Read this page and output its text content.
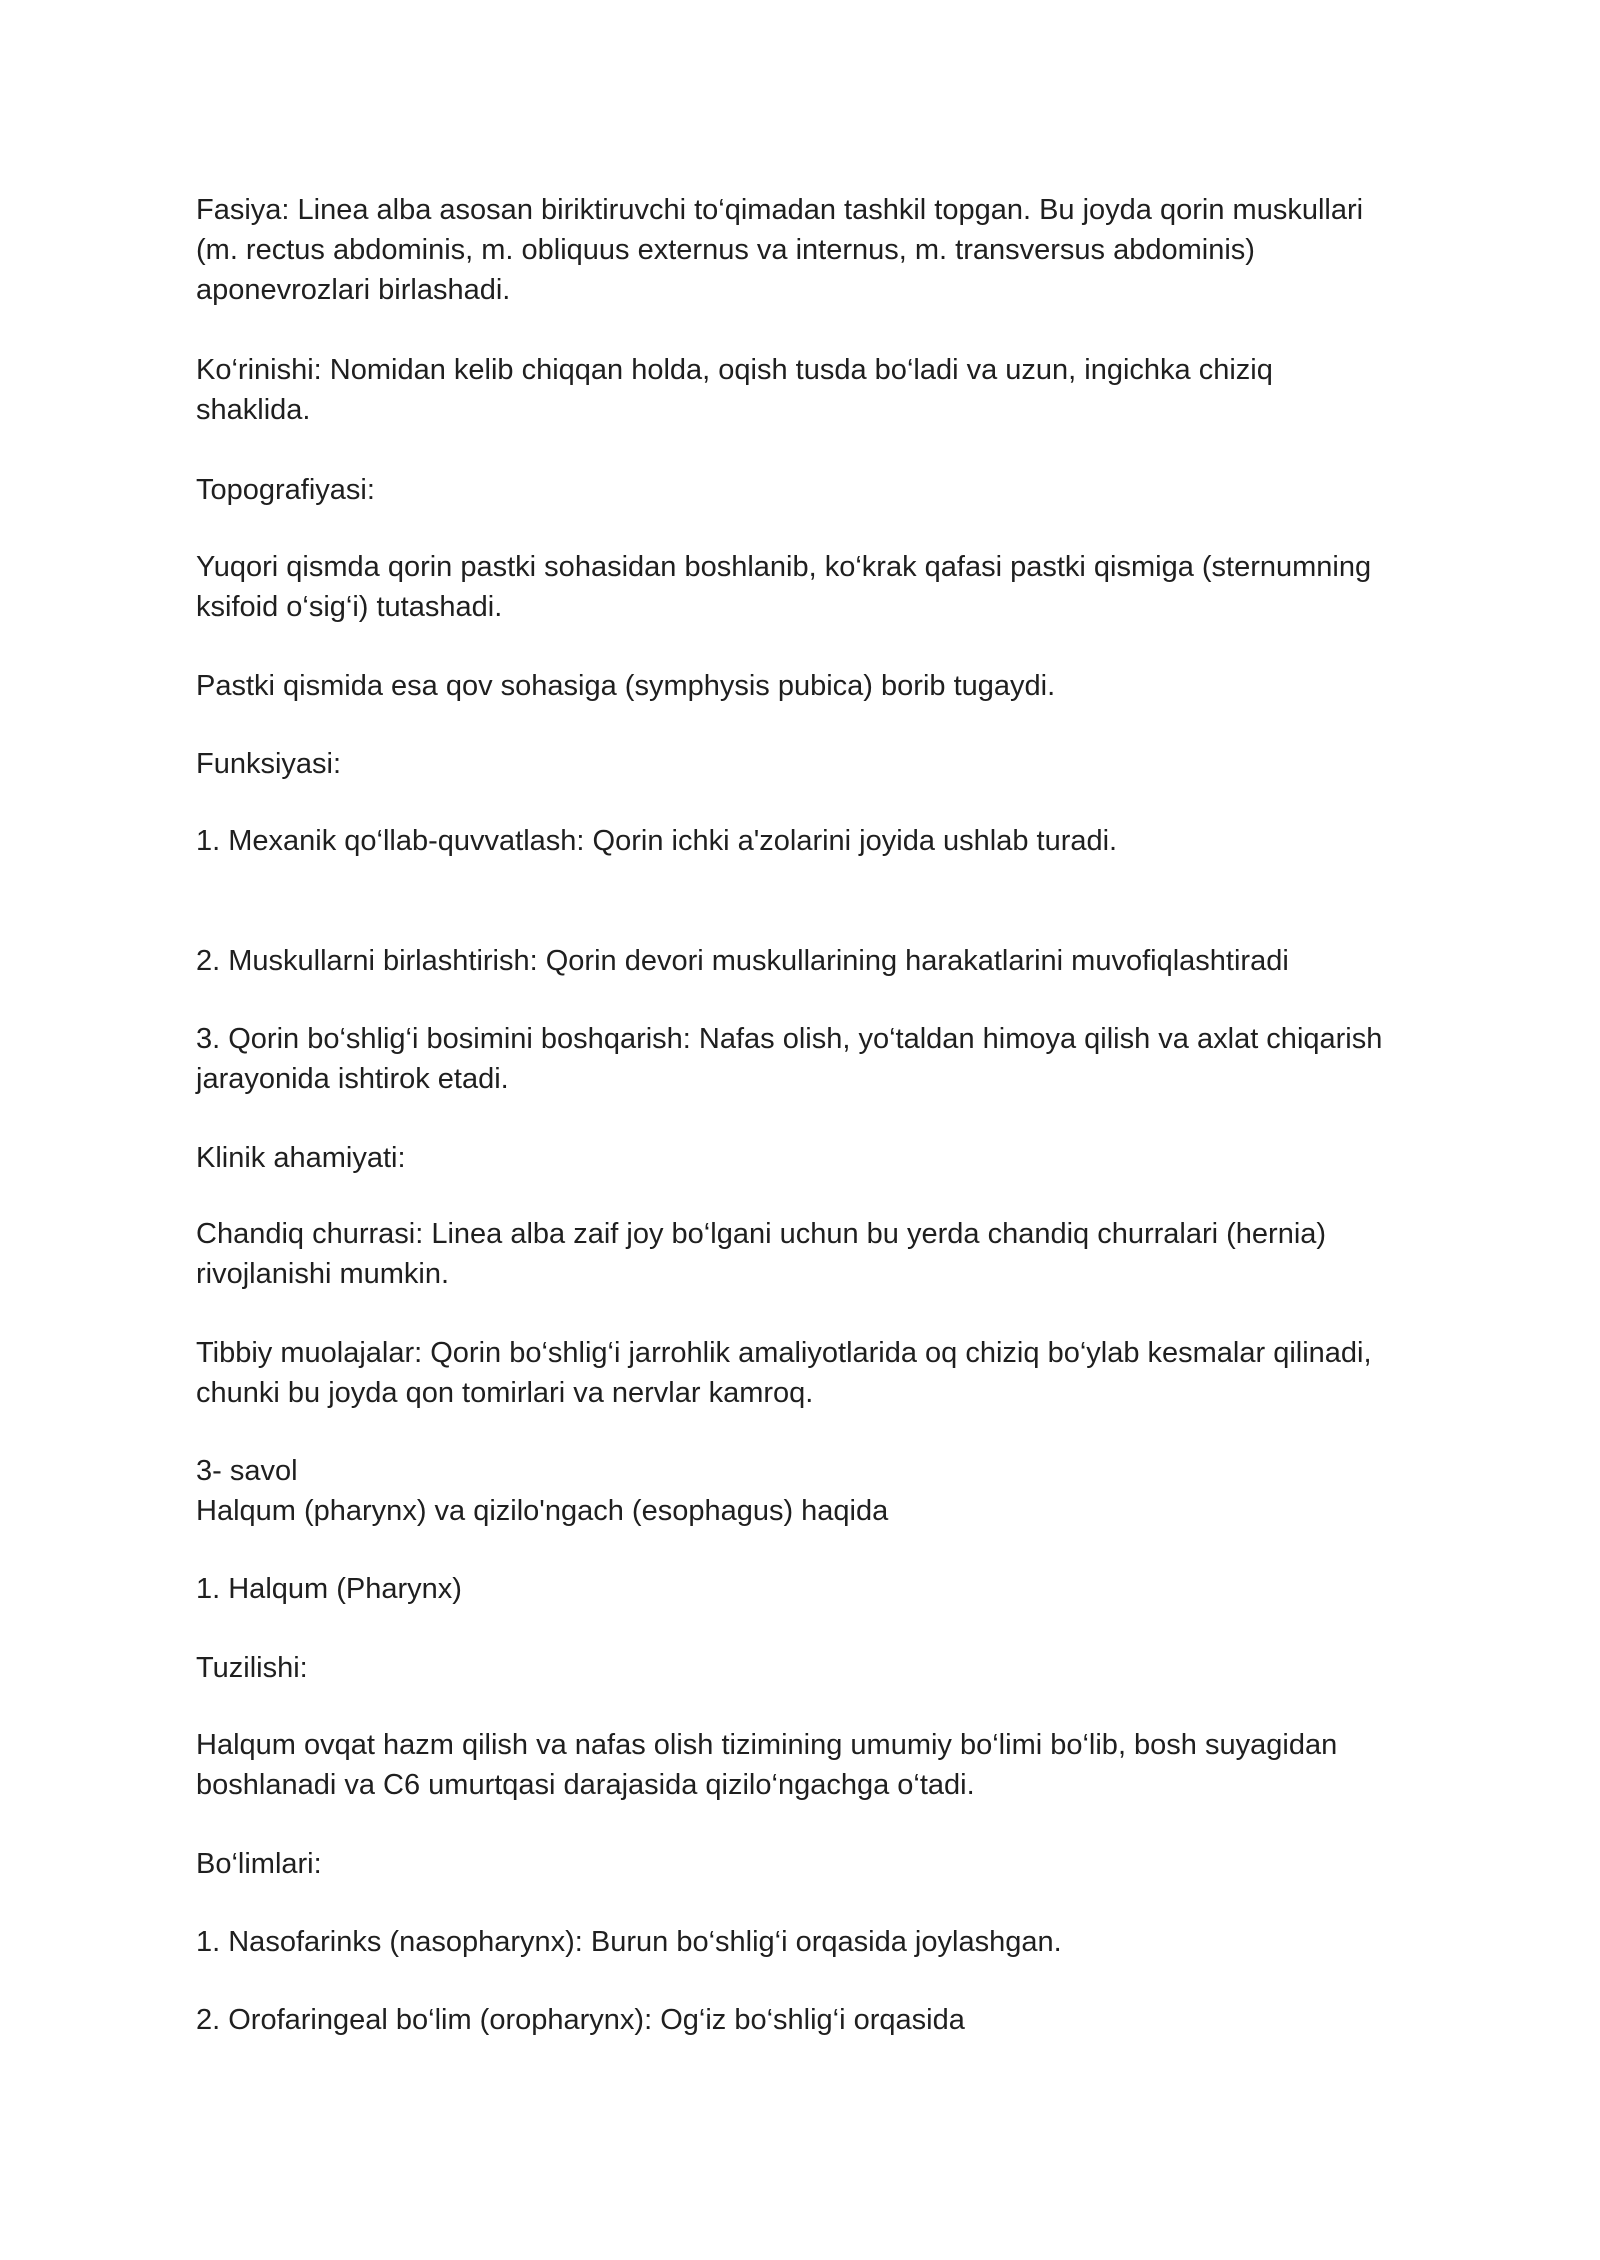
Fasiya: Linea alba asosan biriktiruvchi to‘qimadan tashkil topgan. Bu joyda qorin muskullari
(m. rectus abdominis, m. obliquus externus va internus, m. transversus abdominis)
aponevrozlari birlashadi.

Ko‘rinishi: Nomidan kelib chiqqan holda, oqish tusda bo‘ladi va uzun, ingichka chiziq
shaklida.

Topografiyasi:

Yuqori qismda qorin pastki sohasidan boshlanib, ko‘krak qafasi pastki qismiga (sternumning
ksifoid o‘sig‘i) tutashadi.

Pastki qismida esa qov sohasiga (symphysis pubica) borib tugaydi.

Funksiyasi:

1. Mexanik qo‘llab-quvvatlash: Qorin ichki a'zolarini joyida ushlab turadi.

2. Muskullarni birlashtirish: Qorin devori muskullarining harakatlarini muvofiqlashtiradi

3. Qorin bo‘shlig‘i bosimini boshqarish: Nafas olish, yo‘taldan himoya qilish va axlat chiqarish
jarayonida ishtirok etadi.

Klinik ahamiyati:

Chandiq churrasi: Linea alba zaif joy bo‘lgani uchun bu yerda chandiq churralari (hernia)
rivojlanishi mumkin.

Tibbiy muolajalar: Qorin bo‘shlig‘i jarrohlik amaliyotlarida oq chiziq bo‘ylab kesmalar qilinadi,
chunki bu joyda qon tomirlari va nervlar kamroq.

3- savol
Halqum (pharynx) va qizilo'ngach (esophagus) haqida

1. Halqum (Pharynx)

Tuzilishi:

Halqum ovqat hazm qilish va nafas olish tizimining umumiy bo‘limi bo‘lib, bosh suyagidan
boshlanadi va C6 umurtqasi darajasida qizilo‘ngachga o‘tadi.

Bo‘limlari:

1. Nasofarinks (nasopharynx): Burun bo‘shlig‘i orqasida joylashgan.

2. Orofaringeal bo‘lim (oropharynx): Og‘iz bo‘shlig‘i orqasida
